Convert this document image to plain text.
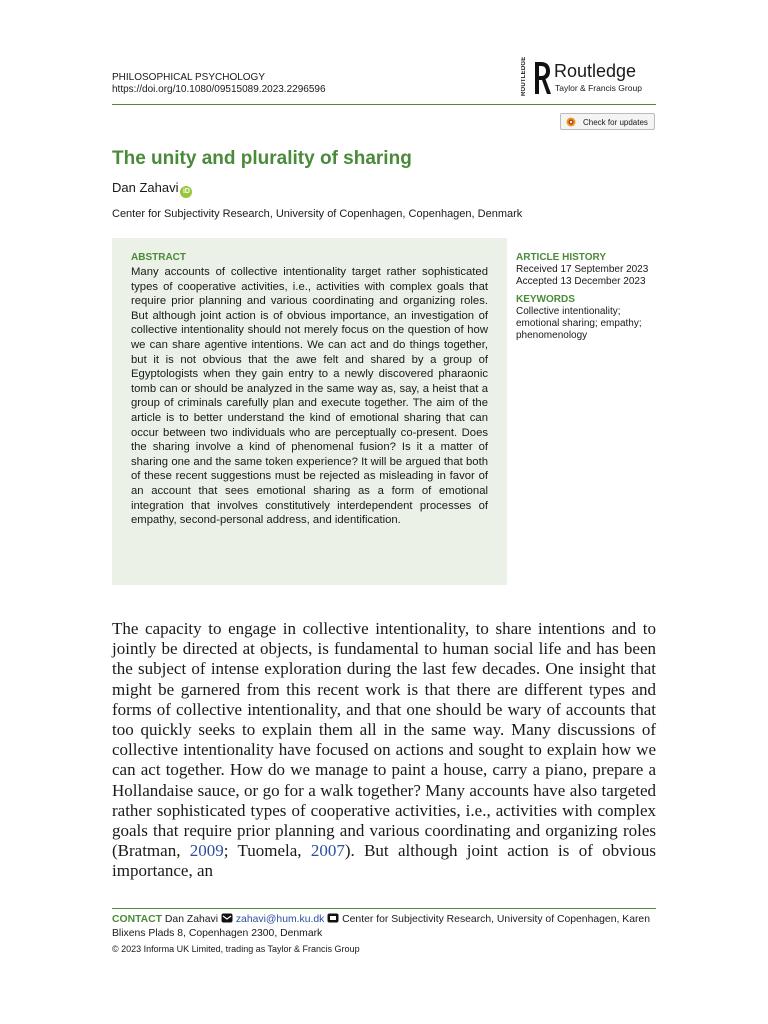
PHILOSOPHICAL PSYCHOLOGY
https://doi.org/10.1080/09515089.2023.2296596	ROUTLEDGE Routledge
Taylor & Francis Group
Check for updates
The unity and plurality of sharing
Dan Zahavi iD
Center for Subjectivity Research, University of Copenhagen, Copenhagen, Denmark
ABSTRACT
Many accounts of collective intentionality target rather sophisticated types of cooperative activities, i.e., activities with complex goals that require prior planning and various coordinating and organizing roles. But although joint action is of obvious importance, an investigation of collective intentionality should not merely focus on the question of how we can share agentive intentions. We can act and do things together, but it is not obvious that the awe felt and shared by a group of Egyptologists when they gain entry to a newly discovered pharaonic tomb can or should be analyzed in the same way as, say, a heist that a group of criminals carefully plan and execute together. The aim of the article is to better understand the kind of emotional sharing that can occur between two individuals who are perceptually co-present. Does the sharing involve a kind of phenomenal fusion? Is it a matter of sharing one and the same token experience? It will be argued that both of these recent suggestions must be rejected as misleading in favor of an account that sees emotional sharing as a form of emotional integration that involves constitutively interdependent processes of empathy, second-personal address, and identification.
ARTICLE HISTORY
Received 17 September 2023
Accepted 13 December 2023
KEYWORDS
Collective intentionality;
emotional sharing; empathy;
phenomenology
The capacity to engage in collective intentionality, to share intentions and to jointly be directed at objects, is fundamental to human social life and has been the subject of intense exploration during the last few decades. One insight that might be garnered from this recent work is that there are different types and forms of collective intentionality, and that one should be wary of accounts that too quickly seeks to explain them all in the same way. Many discussions of collective intentionality have focused on actions and sought to explain how we can act together. How do we manage to paint a house, carry a piano, prepare a Hollandaise sauce, or go for a walk together? Many accounts have also targeted rather sophisticated types of cooperative activities, i.e., activities with complex goals that require prior planning and various coordinating and organizing roles (Bratman, 2009; Tuomela, 2007). But although joint action is of obvious importance, an
CONTACT Dan Zahavi  zahavi@hum.ku.dk  Center for Subjectivity Research, University of Copenhagen, Karen Blixens Plads 8, Copenhagen 2300, Denmark
© 2023 Informa UK Limited, trading as Taylor & Francis Group
